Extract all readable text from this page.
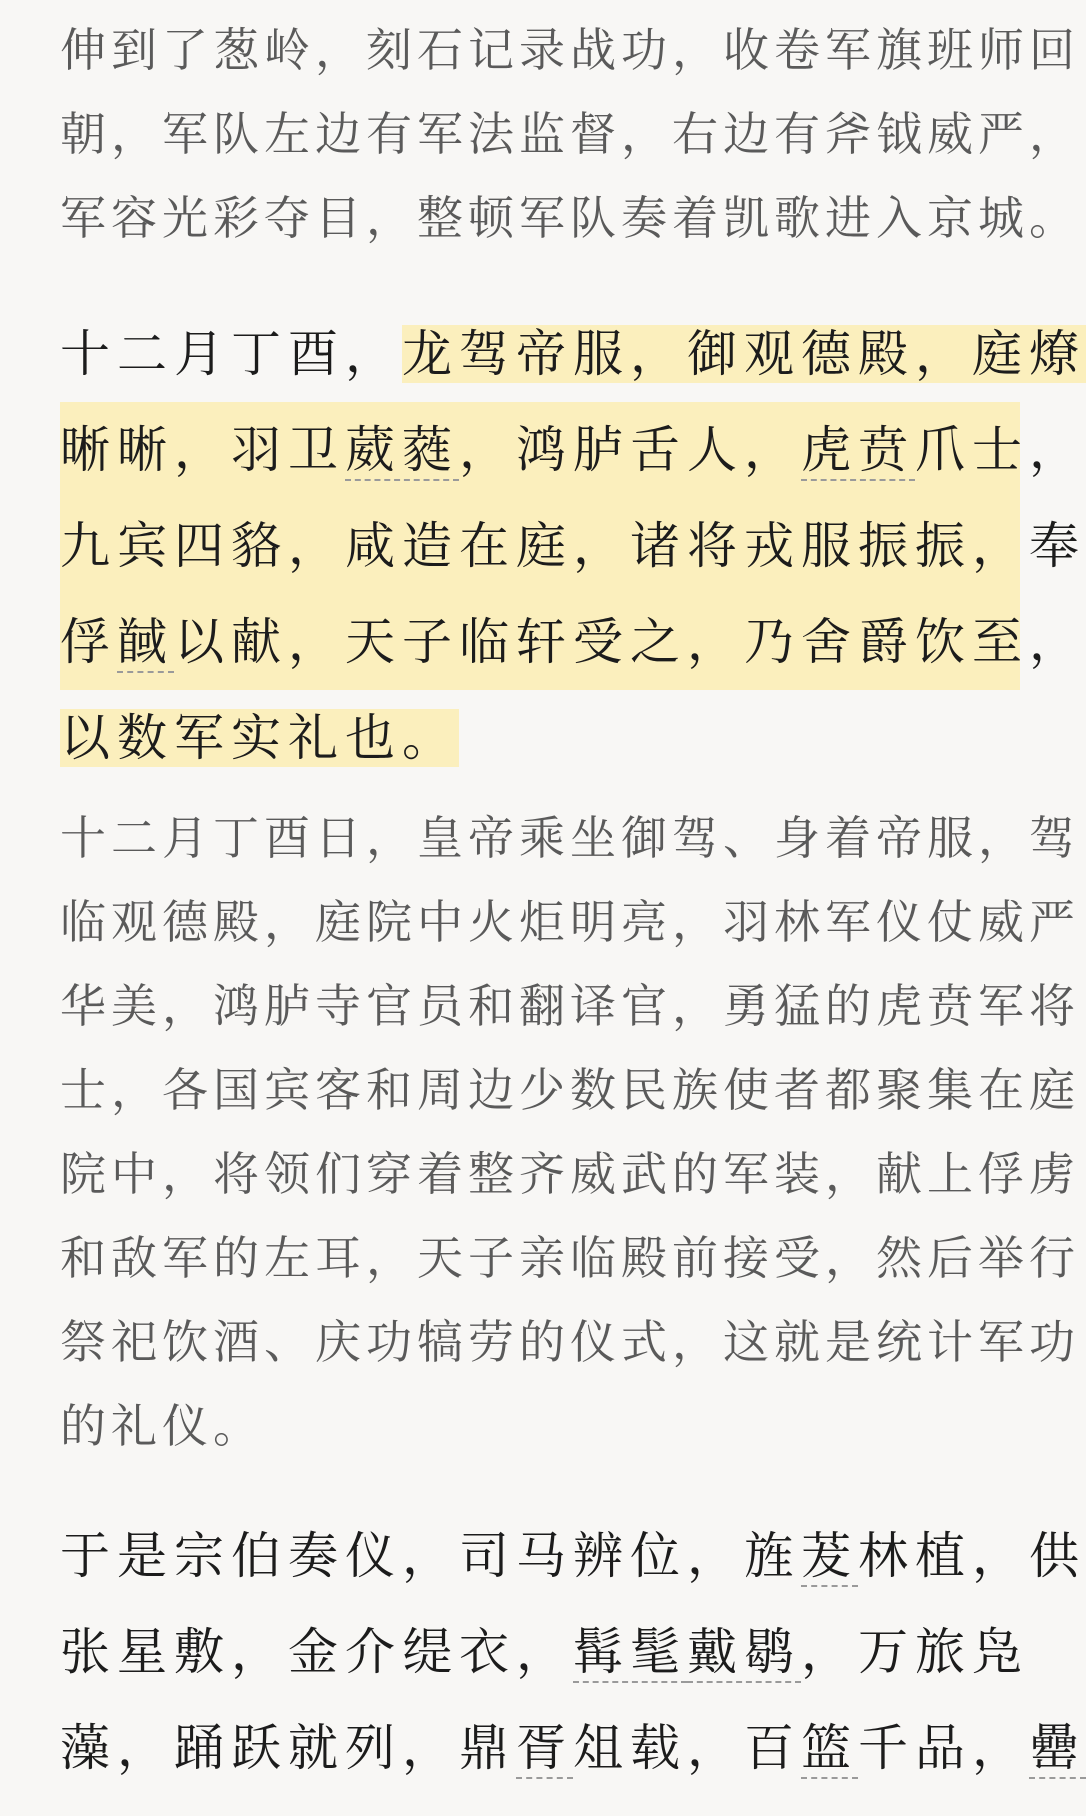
伸到了葱岭，刻石记录战功，收卷军旗班师回
朝，军队左边有军法监督，右边有斧钺威严，
军容光彩夺目，整顿军队奏着凯歌进入京城。
十二月丁酉，龙驾帝服，御观德殿，庭燎
晰晰，羽卫葳蕤，鸿胪舌人，虎贲爪士，
九宾四貉，咸造在庭，诸将戎服振振，奉
俘馘以献，天子临轩受之，乃舍爵饮至，
以数军实礼也。
十二月丁酉日，皇帝乘坐御驾、身着帝服，驾
临观德殿，庭院中火炬明亮，羽林军仪仗威严
华美，鸿胪寺官员和翻译官，勇猛的虎贲军将
士，各国宾客和周边少数民族使者都聚集在庭
院中，将领们穿着整齐威武的军装，献上俘虏
和敌军的左耳，天子亲临殿前接受，然后举行
祭祀饮酒、庆功犒劳的仪式，这就是统计军功
的礼仪。
于是宗伯奏仪，司马辨位，旌茇林植，供
张星敷，金介缇衣，髯髦戴鹖，万旅凫
藻，踊跃就列，鼎胥俎载，百篮千品，罍
